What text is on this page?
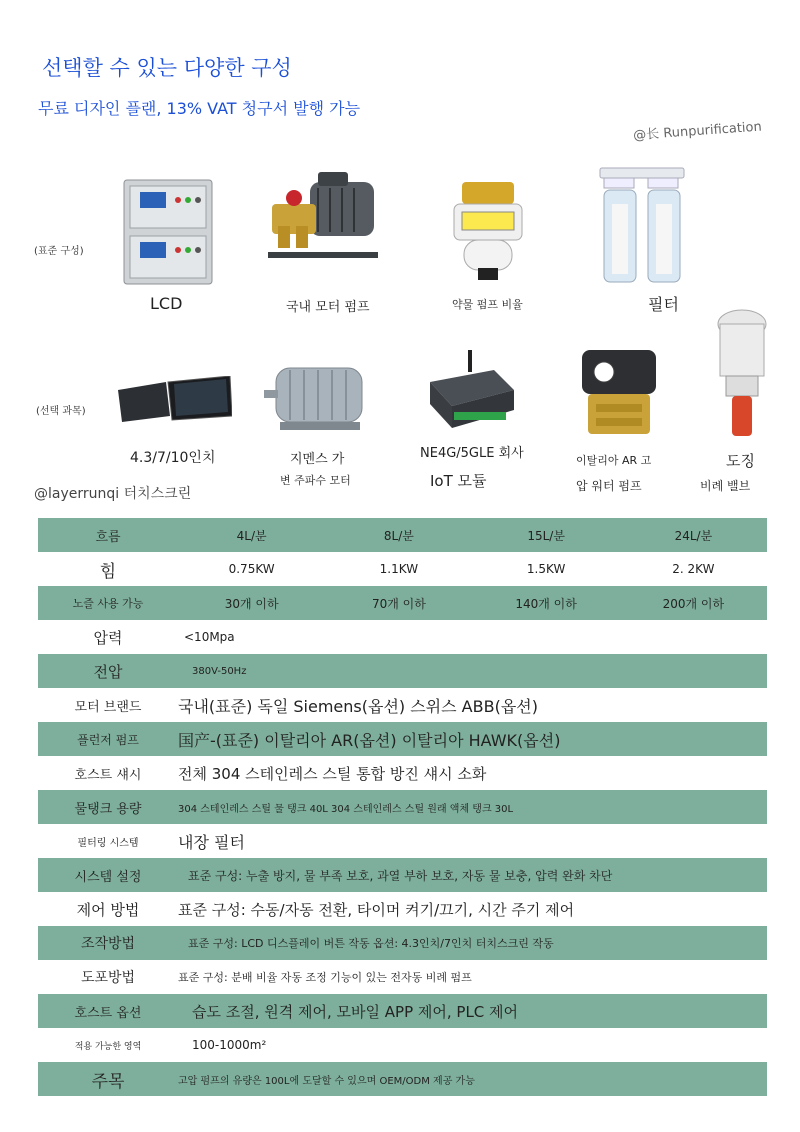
선택할 수 있는 다양한 구성
무료 디자인 플랜, 13% VAT 청구서 발행 가능
@长 Runpurification
(표준 구성)
LCD	국내 모터 펌프	약물 펌프 비율	필터
(선택 과목)
4.3/7/10인치	지멘스 가
변 주파수 모터
NE4G/5GLE 회사
IoT 모듈
이탈리아 AR 고
압 워터 펌프
도징
비례 밸브
@layerrunqi 터치스크린
흐름	4L/분 8L/분 15L/분 24L/분

힘	0.75KW 1.1KW 1.5KW 2. 2KW

노즐 사용 가능	30개 이하 70개 이하 140개 이하 200개 이하

압력	<10Mpa
전압	380V-50Hz
모터 브랜드	국내(표준) 독일 Siemens(옵션) 스위스 ABB(옵션)
플런저 펌프	国产-(표준) 이탈리아 AR(옵션) 이탈리아 HAWK(옵션)
호스트 섀시	전체 304 스테인레스 스틸 통합 방진 섀시 소화
물탱크 용량	304 스테인레스 스틸 물 탱크 40L 304 스테인레스 스틸 원래 액체 탱크 30L
필터링 시스템	내장 필터
시스템 설정	표준 구성: 누출 방지, 물 부족 보호, 과열 부하 보호, 자동 물 보충, 압력 완화 차단
제어 방법	표준 구성: 수동/자동 전환, 타이머 켜기/끄기, 시간 주기 제어
조작방법	표준 구성: LCD 디스플레이 버튼 작동 옵션: 4.3인치/7인치 터치스크린 작동
도포방법	표준 구성: 분배 비율 자동 조정 기능이 있는 전자동 비례 펌프
호스트 옵션	습도 조절, 원격 제어, 모바일 APP 제어, PLC 제어
적용 가능한 영역	100-1000m²
주목	고압 펌프의 유량은 100L에 도달할 수 있으며 OEM/ODM 제공 가능
